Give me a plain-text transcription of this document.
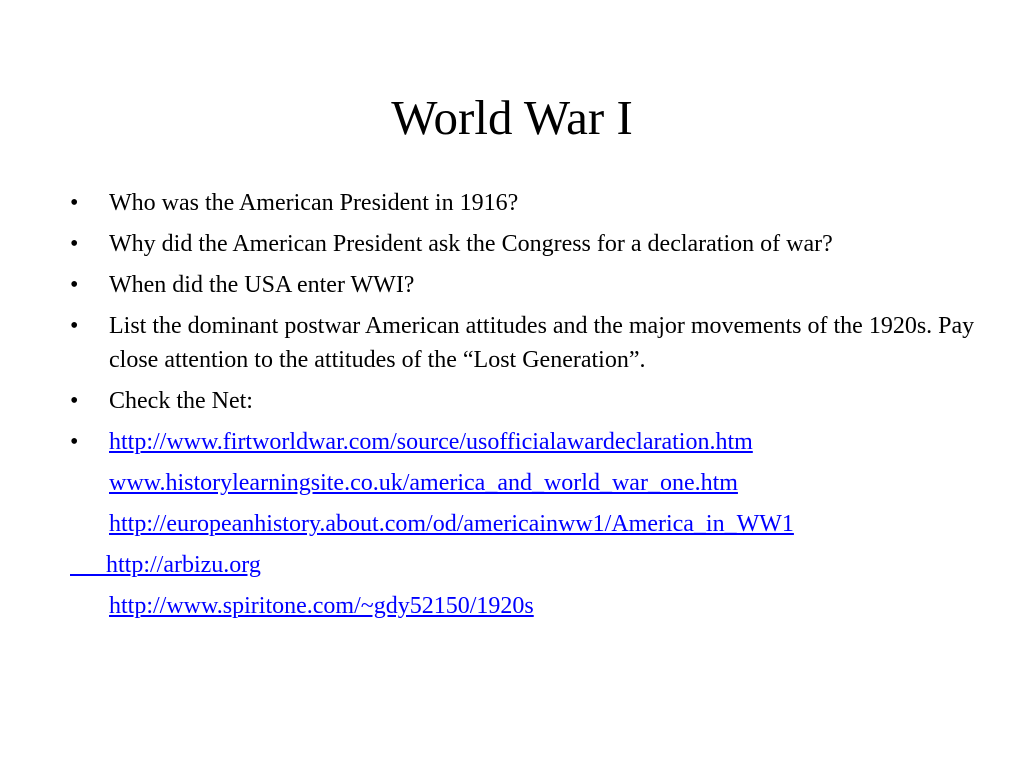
World War I
• Who was the American President in 1916?
• Why did the American President ask the Congress for a declaration of war?
• When did the USA enter WWI?
• List the dominant postwar American attitudes and the major movements of the 1920s. Pay close attention to the attitudes of the “Lost Generation”.
• Check the Net:
• http://www.firtworldwar.com/source/usofficialawardeclaration.htm
www.historylearningsite.co.uk/america_and_world_war_one.htm
http://europeanhistory.about.com/od/americainww1/America_in_WW1
http://arbizu.org
http://www.spiritone.com/~gdy52150/1920s
